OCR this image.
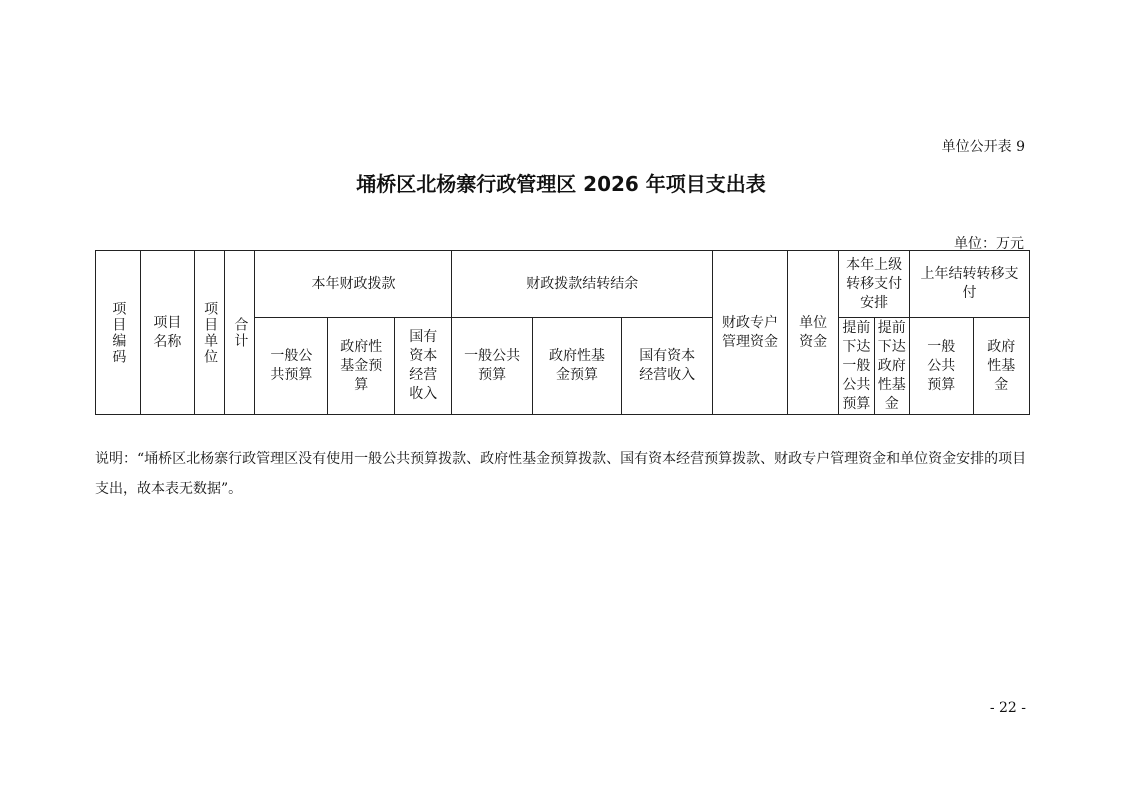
单位公开表 9
埇桥区北杨寨行政管理区 2026 年项目支出表
单位：万元
项目编码	项目名称	项目单位	合计	本年财政拨款			财政拨款结转结余			财政专户管理资金	单位资金	本年上级转移支付安排		上年结转转移支付	

				一般公共预算	政府性基金预算	国有资本经营收入	一般公共预算	政府性基金预算	国有资本经营收入			提前下达一般公共预算	提前下达政府性基金	一般公共预算	政府性基金
说明：“埇桥区北杨寨行政管理区没有使用一般公共预算拨款、政府性基金预算拨款、国有资本经营预算拨款、财政专户管理资金和单位资金安排的项目支出，故本表无数据”。
- 22 -
